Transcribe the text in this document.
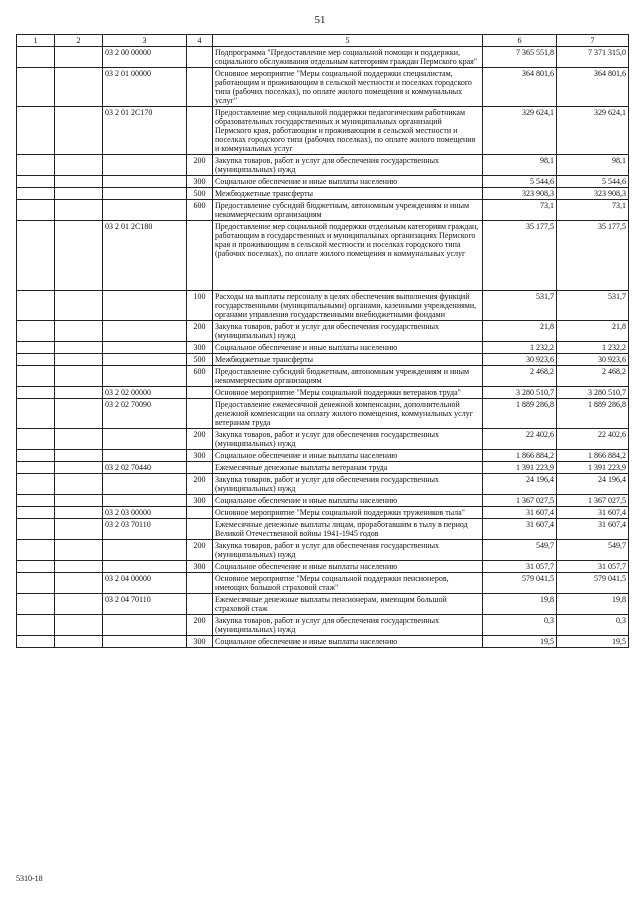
51
1	2	3	4	5	6	7
		03 2 00 00000		Подпрограмма "Предоставление мер социальной помощи и поддержки, социального обслуживания отдельным категориям граждан Пермского края"	7 365 551,8	7 371 315,0
		03 2 01 00000		Основное мероприятие "Меры социальной поддержки специалистам, работающим и проживающим в сельской местности и поселках городского типа (рабочих поселках), по оплате жилого помещения и коммунальных услуг"	364 801,6	364 801,6
		03 2 01 2С170		Предоставление мер социальной поддержки педагогическим работникам образовательных государственных и муниципальных организаций Пермского края, работающим и проживающим в сельской местности и поселках городского типа (рабочих поселках), по оплате жилого помещения и коммунальных услуг	329 624,1	329 624,1
			200	Закупка товаров, работ и услуг для обеспечения государственных (муниципальных) нужд	98,1	98,1
			300	Социальное обеспечение и иные выплаты населению	5 544,6	5 544,6
			500	Межбюджетные трансферты	323 908,3	323 908,3
			600	Предоставление субсидий бюджетным, автономным учреждениям и иным некоммерческим организациям	73,1	73,1
		03 2 01 2С180		Предоставление мер социальной поддержки отдельным категориям граждан, работающим в государственных и муниципальных организациях Пермского края и проживающим в сельской местности и поселках городского типа (рабочих поселках), по оплате жилого помещения и коммунальных услуг	35 177,5	35 177,5
			100	Расходы на выплаты персоналу в целях обеспечения выполнения функций государственными (муниципальными) органами, казенными учреждениями, органами управления государственными внебюджетными фондами	531,7	531,7
			200	Закупка товаров, работ и услуг для обеспечения государственных (муниципальных) нужд	21,8	21,8
			300	Социальное обеспечение и иные выплаты населению	1 232,2	1 232,2
			500	Межбюджетные трансферты	30 923,6	30 923,6
			600	Предоставление субсидий бюджетным, автономным учреждениям и иным некоммерческим организациям	2 468,2	2 468,2
		03 2 02 00000		Основное мероприятие "Меры социальной поддержки ветеранов труда"	3 280 510,7	3 280 510,7
		03 2 02 70090		Предоставление ежемесячной денежной компенсации, дополнительной денежной компенсации на оплату жилого помещения, коммунальных услуг ветеранам труда	1 889 286,8	1 889 286,8
			200	Закупка товаров, работ и услуг для обеспечения государственных (муниципальных) нужд	22 402,6	22 402,6
			300	Социальное обеспечение и иные выплаты населению	1 866 884,2	1 866 884,2
		03 2 02 70440		Ежемесячные денежные выплаты ветеранам труда	1 391 223,9	1 391 223,9
			200	Закупка товаров, работ и услуг для обеспечения государственных (муниципальных) нужд	24 196,4	24 196,4
			300	Социальное обеспечение и иные выплаты населению	1 367 027,5	1 367 027,5
		03 2 03 00000		Основное мероприятие "Меры социальной поддержки тружеников тыла"	31 607,4	31 607,4
		03 2 03 70110		Ежемесячные денежные выплаты лицам, проработавшим в тылу в период Великой Отечественной войны 1941-1945 годов	31 607,4	31 607,4
			200	Закупка товаров, работ и услуг для обеспечения государственных (муниципальных) нужд	549,7	549,7
			300	Социальное обеспечение и иные выплаты населению	31 057,7	31 057,7
		03 2 04 00000		Основное мероприятие "Меры социальной поддержки пенсионеров, имеющих большой страховой стаж"	579 041,5	579 041,5
		03 2 04 70110		Ежемесячные денежные выплаты пенсионерам, имеющим большой страховой стаж	19,8	19,8
			200	Закупка товаров, работ и услуг для обеспечения государственных (муниципальных) нужд	0,3	0,3
			300	Социальное обеспечение и иные выплаты населению	19,5	19,5
5310-18
